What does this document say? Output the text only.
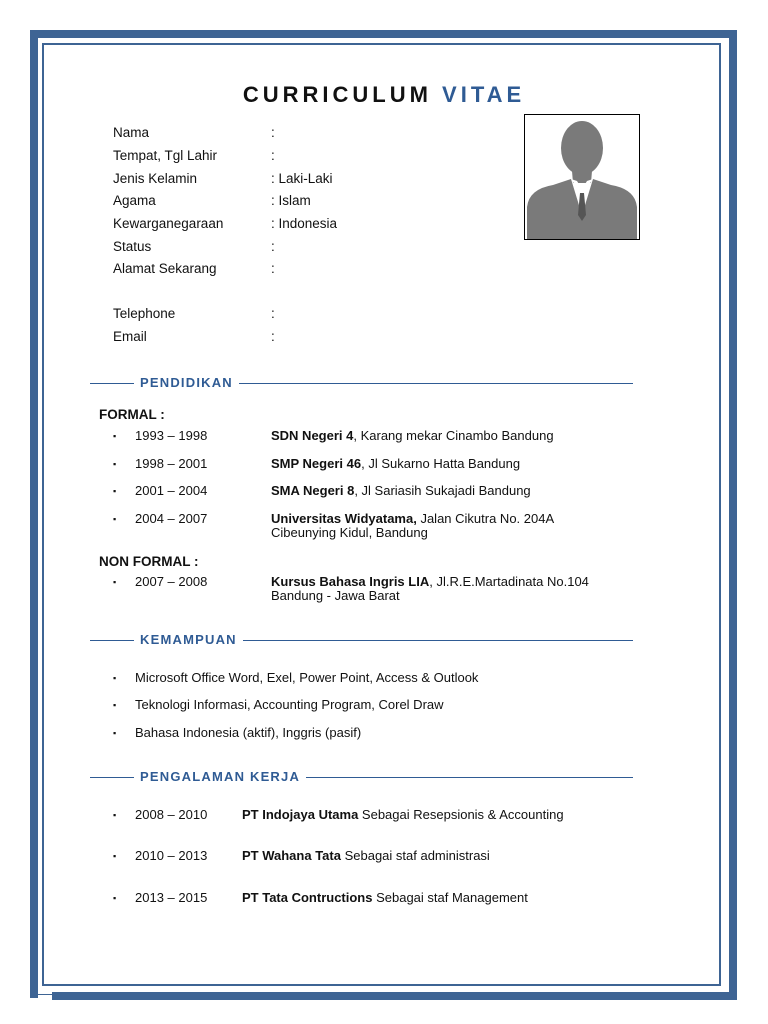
CURRICULUM VITAE
Nama	:
Tempat, Tgl Lahir	:
Jenis Kelamin	: Laki-Laki
Agama	: Islam
Kewarganegaraan	: Indonesia
Status	:
Alamat Sekarang	:
Telephone	:
Email	:
PENDIDIKAN
FORMAL :
▪ 1993 – 1998	SDN Negeri 4, Karang mekar Cinambo Bandung
▪ 1998 – 2001	SMP Negeri 46, Jl Sukarno Hatta Bandung
▪ 2001 – 2004	SMA Negeri 8, Jl Sariasih Sukajadi Bandung
▪ 2004 – 2007	Universitas Widyatama, Jalan Cikutra No. 204A Cibeunying Kidul, Bandung
NON FORMAL :
▪ 2007 – 2008	Kursus Bahasa Ingris LIA, Jl.R.E.Martadinata No.104 Bandung - Jawa Barat
KEMAMPUAN
▪ Microsoft Office Word, Exel, Power Point, Access & Outlook
▪ Teknologi Informasi, Accounting Program, Corel Draw
▪ Bahasa Indonesia (aktif), Inggris (pasif)
PENGALAMAN KERJA
▪ 2008 – 2010	PT Indojaya Utama Sebagai Resepsionis & Accounting
▪ 2010 – 2013	PT Wahana Tata Sebagai staf administrasi
▪ 2013 – 2015	PT Tata Contructions Sebagai staf Management
